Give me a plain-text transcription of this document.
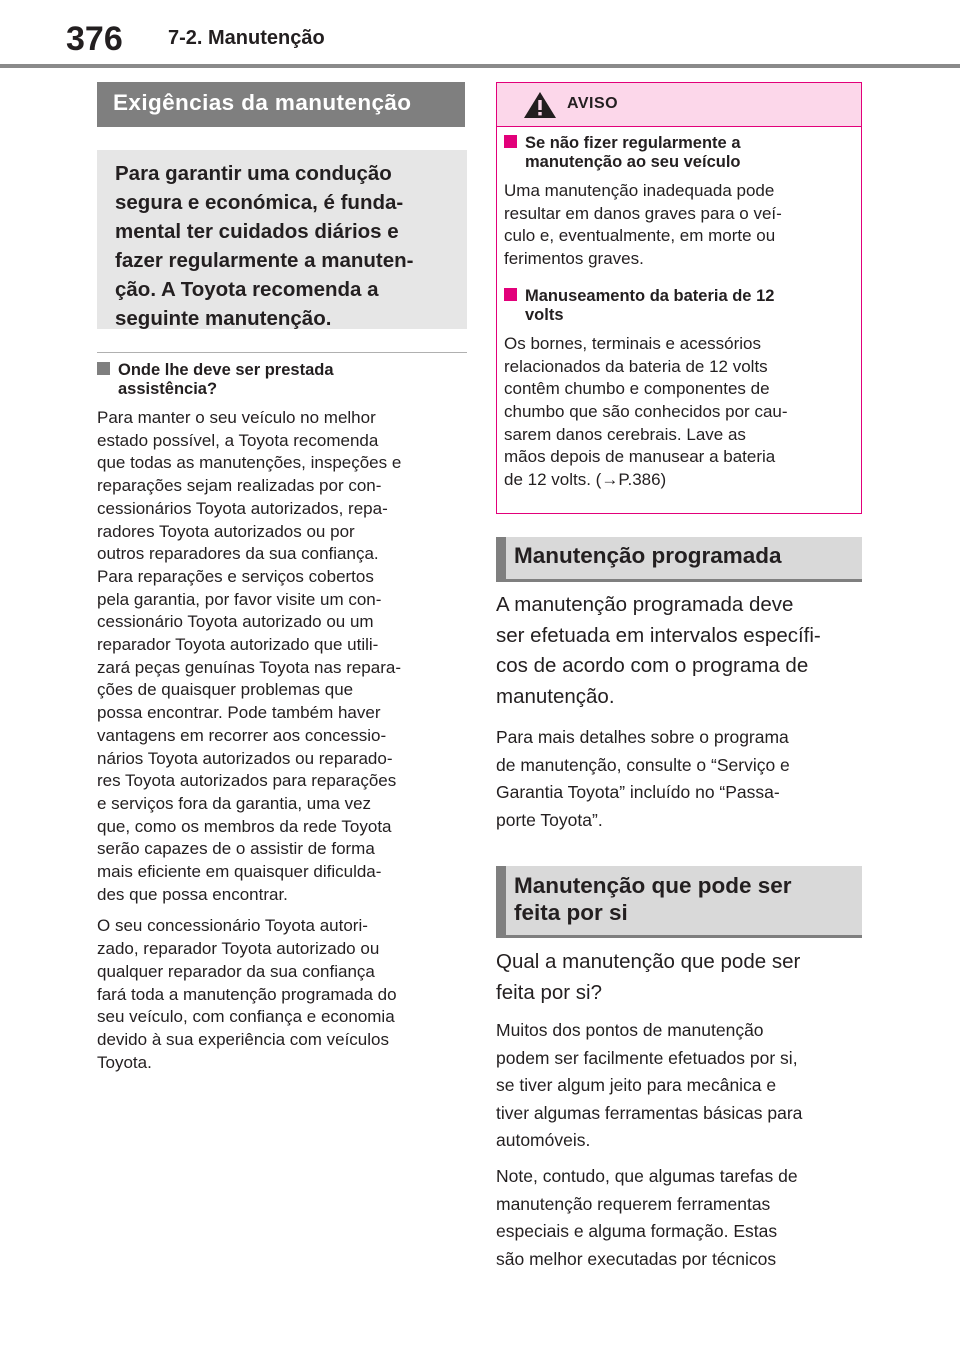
376 7-2. Manutenção
Exigências da manutenção
Para garantir uma condução
segura e económica, é funda-
mental ter cuidados diários e
fazer regularmente a manuten-
ção. A Toyota recomenda a
seguinte manutenção.
Onde lhe deve ser prestada
assistência?
Para manter o seu veículo no melhor
estado possível, a Toyota recomenda
que todas as manutenções, inspeções e
reparações sejam realizadas por con-
cessionários Toyota autorizados, repa-
radores Toyota autorizados ou por
outros reparadores da sua confiança.
Para reparações e serviços cobertos
pela garantia, por favor visite um con-
cessionário Toyota autorizado ou um
reparador Toyota autorizado que utili-
zará peças genuínas Toyota nas repara-
ções de quaisquer problemas que
possa encontrar. Pode também haver
vantagens em recorrer aos concessio-
nários Toyota autorizados ou reparado-
res Toyota autorizados para reparações
e serviços fora da garantia, uma vez
que, como os membros da rede Toyota
serão capazes de o assistir de forma
mais eficiente em quaisquer dificulda-
des que possa encontrar.
O seu concessionário Toyota autori-
zado, reparador Toyota autorizado ou
qualquer reparador da sua confiança
fará toda a manutenção programada do
seu veículo, com confiança e economia
devido à sua experiência com veículos
Toyota.
AVISO
Se não fizer regularmente a
manutenção ao seu veículo
Uma manutenção inadequada pode
resultar em danos graves para o veí-
culo e, eventualmente, em morte ou
ferimentos graves.
Manuseamento da bateria de 12
volts
Os bornes, terminais e acessórios
relacionados da bateria de 12 volts
contêm chumbo e componentes de
chumbo que são conhecidos por cau-
sarem danos cerebrais. Lave as
mãos depois de manusear a bateria
de 12 volts. (→P.386)
Manutenção programada
A manutenção programada deve
ser efetuada em intervalos específi-
cos de acordo com o programa de
manutenção.
Para mais detalhes sobre o programa
de manutenção, consulte o “Serviço e
Garantia Toyota” incluído no “Passa-
porte Toyota”.
Manutenção que pode ser
feita por si
Qual a manutenção que pode ser
feita por si?
Muitos dos pontos de manutenção
podem ser facilmente efetuados por si,
se tiver algum jeito para mecânica e
tiver algumas ferramentas básicas para
automóveis.
Note, contudo, que algumas tarefas de
manutenção requerem ferramentas
especiais e alguma formação. Estas
são melhor executadas por técnicos
